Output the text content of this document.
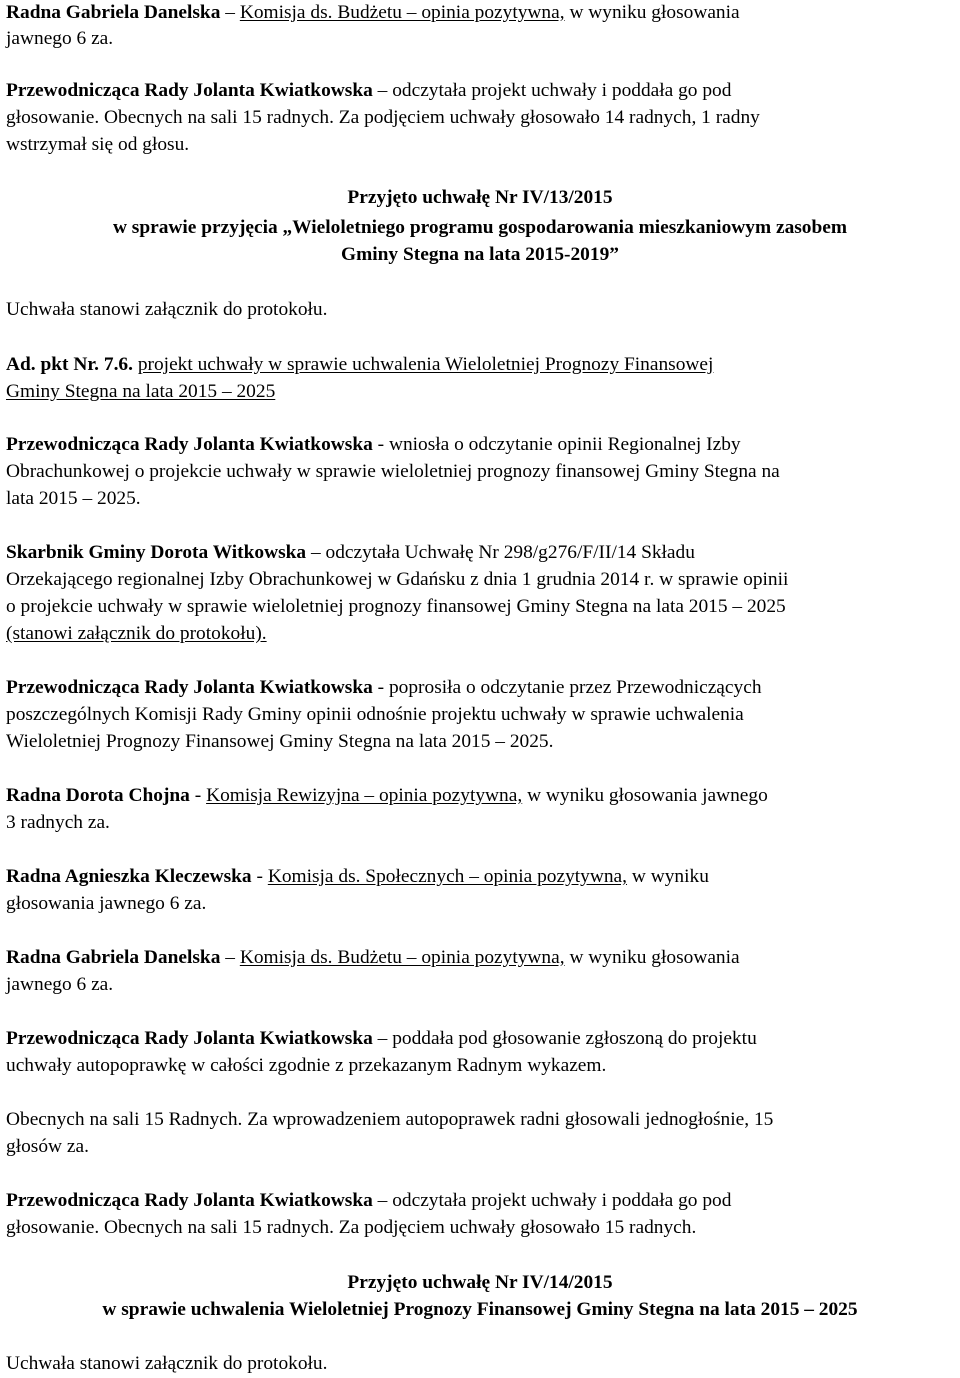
Radna Gabriela Danelska – Komisja ds. Budżetu – opinia pozytywna, w wyniku głosowania
jawnego 6 za.
Przewodnicząca Rady Jolanta Kwiatkowska – odczytała projekt uchwały i poddała go pod
głosowanie. Obecnych na sali 15 radnych. Za podjęciem uchwały głosowało 14 radnych, 1 radny
wstrzymał się od głosu.
Przyjęto uchwałę Nr IV/13/2015
w sprawie przyjęcia „Wieloletniego programu gospodarowania mieszkaniowym zasobem
Gminy Stegna na lata 2015-2019”
Uchwała stanowi załącznik do protokołu.
Ad. pkt Nr. 7.6. projekt uchwały w sprawie uchwalenia Wieloletniej Prognozy Finansowej
Gminy Stegna na lata 2015 – 2025
Przewodnicząca Rady Jolanta Kwiatkowska - wniosła o odczytanie opinii Regionalnej Izby
Obrachunkowej o projekcie uchwały w sprawie wieloletniej prognozy finansowej Gminy Stegna na
lata 2015 – 2025.
Skarbnik Gminy Dorota Witkowska – odczytała Uchwałę Nr 298/g276/F/II/14 Składu
Orzekającego regionalnej Izby Obrachunkowej w Gdańsku z dnia 1 grudnia 2014 r. w sprawie opinii
o projekcie uchwały w sprawie wieloletniej prognozy finansowej Gminy Stegna na lata 2015 – 2025
(stanowi załącznik do protokołu).
Przewodnicząca Rady Jolanta Kwiatkowska - poprosiła o odczytanie przez Przewodniczących
poszczególnych Komisji Rady Gminy opinii odnośnie projektu uchwały w sprawie uchwalenia
Wieloletniej Prognozy Finansowej Gminy Stegna na lata 2015 – 2025.
Radna Dorota Chojna - Komisja Rewizyjna – opinia pozytywna, w wyniku głosowania jawnego
3 radnych za.
Radna Agnieszka Kleczewska - Komisja ds. Społecznych – opinia pozytywna, w wyniku
głosowania jawnego 6 za.
Radna Gabriela Danelska – Komisja ds. Budżetu – opinia pozytywna, w wyniku głosowania
jawnego 6 za.
Przewodnicząca Rady Jolanta Kwiatkowska – poddała pod głosowanie zgłoszoną do projektu
uchwały autopoprawkę w całości zgodnie z przekazanym Radnym wykazem.
Obecnych na sali 15 Radnych. Za wprowadzeniem autopoprawek radni głosowali jednogłośnie, 15
głosów za.
Przewodnicząca Rady Jolanta Kwiatkowska – odczytała projekt uchwały i poddała go pod
głosowanie. Obecnych na sali 15 radnych. Za podjęciem uchwały głosowało 15 radnych.
Przyjęto uchwałę Nr IV/14/2015
w sprawie uchwalenia Wieloletniej Prognozy Finansowej Gminy Stegna na lata 2015 – 2025
Uchwała stanowi załącznik do protokołu.
